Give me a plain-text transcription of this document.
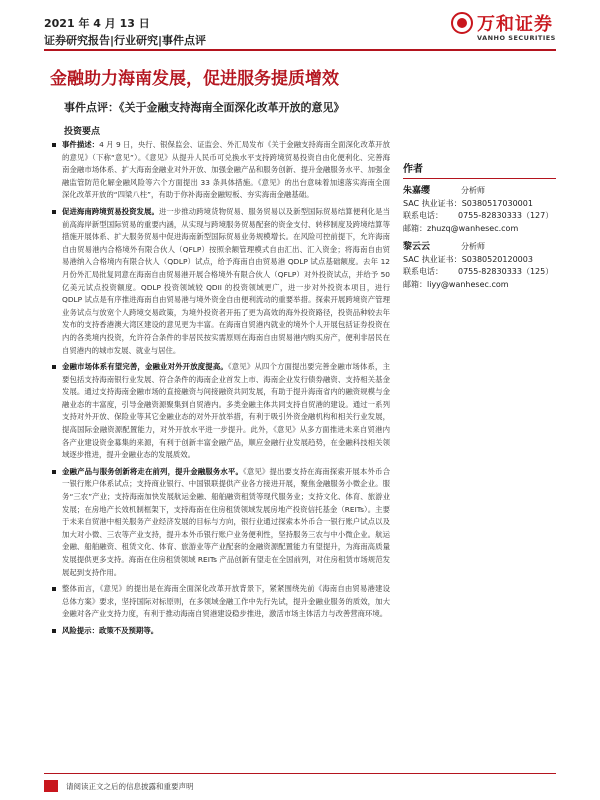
2021 年 4 月 13 日
证券研究报告|行业研究|事件点评
万和证券
VANHO SECURITIES
金融助力海南发展，促进服务提质增效
事件点评：《关于金融支持海南全面深化改革开放的意见》
投资要点
事件描述：4 月 9 日，央行、银保监会、证监会、外汇局发布《关于金融支持海南全面深化改革开放的意见》（下称“意见”）。《意见》从提升人民币可兑换水平支持跨境贸易投资自由化便利化、完善海南金融市场体系、扩大海南金融业对外开放、加强金融产品和服务创新、提升金融服务水平、加强金融监管防范化解金融风险等六个方面提出 33 条具体措施。《意见》的出台意味着加速落实海南全面深化改革开放的“四梁八柱”，有助于你补海南金融短板、夯实海南金融基础。
促进海南跨境贸易投资发展。进一步推动跨境货物贸易、服务贸易以及新型国际贸易结算便利化是当前高海岸新型国际贸易的重要内涵，从实现与跨境服务贸易配套的资金支付、转移制度及跨境结算等措施开展体系、扩大服务贸易中促进海南新型国际贸易业务规模增长。在风险可控前提下，允许海南自由贸易港内合格境外有限合伙人（QFLP）按照余额管理模式自由汇出、汇入资金；将海南自由贸易港纳入合格境内有限合伙人（QDLP）试点，给予海南自由贸易港 QDLP 试点基础额度。去年 12 月份外汇局批复同意在海南自由贸易港开展合格境外有限合伙人（QFLP）对外投资试点，并给予 50 亿美元试点投资额度。QDLP 投资领域较 QDII 的投资领域更广，进一步对外投资本项目，进行 QDLP 试点是有序推进海南自由贸易港与境外资金自由便利流动的重要举措。探索开展跨境资产管理业务试点与放宽个人跨境交易政策，为境外投资者开拓了更为高效的海外投资路径，投资品种较去年发布的支持香港澳大湾区建设的意见更为丰富。在海南自贸港内就业的境外个人开展包括证券投资在内的各类境内投资，允许符合条件的非居民按实需原则在海南自由贸易港内购买房产，便利非居民在自贸港内的城市发展、就业与居住。
金融市场体系有望完善，金融业对外开放度提高。《意见》从四个方面提出要完善金融市场体系，主要包括支持海南银行业发展、符合条件的海南企业首发上市、海南企业发行债券融资、支持相关基金发展。通过支持海南金融市场的直接融资与间接融资共同发展，有助于提升海南省内的融资规模与金融业态的丰富度，引导金融资源聚集到自贸港内。多类金融主体共同支持自贸港的建设。通过一系列支持对外开放、保险业等其它金融业态的对外开放举措，有利于吸引外资金融机构和相关行业发展，提高国际金融资源配置能力，对外开放水平进一步提升。此外，《意见》从多方面推进未来自贸港内各产业建设资金募集的来源，有利于创新丰富金融产品，顺应金融行业发展趋势，在金融科技相关领域逐步推进，提升金融业态的发展质效。
金融产品与服务创新将走在前列，提升金融服务水平。《意见》提出要支持在海南探索开展本外币合一银行账户体系试点；支持商业银行、中国银联提供产业各方接进开展，聚焦金融服务小微企业。服务“三农”产业；支持海南加快发展航运金融、船舶融资租赁等现代服务业；支持文化、体育、旅游业发展；在房地产长效机制框架下，支持海南在住房租赁领域发展房地产投资信托基金（REITs）。主要于未来自贸港中相关服务产业经济发展的目标与方向，银行业通过探索本外币合一银行账户试点以及加大对小微、三农等产业支持，提升本外币银行账户业务便利性，坚持服务三农与中小微企业。航运金融、船舶融资、租赁文化、体育、旅游业等产业配套的金融资源配置能力有望提升，为海南高质量发展提供更多支持。海南在住房租赁领域 REITs 产品创新有望走在全国前列，对住房租赁市场规范发展起到支持作用。
整体而言，《意见》的提出是在海南全面深化改革开放背景下，紧紧围绕先前《海南自由贸易港建设总体方案》要求，坚持国际对标原则，在多领域金融工作中先行先试，提升金融业服务的质效，加大金融对各产业支持力度，有利于推动海南自贸港建设稳步推进，激活市场主体活力与改善营商环境。
风险提示：政策不及预期等。
作者
朱嘉缨	分析师
SAC 执业证书：S0380517030001
联系电话： 0755-82830333（127）
邮箱：zhuzq@wanhesec.com
黎云云	分析师
SAC 执业证书：S0380520120003
联系电话： 0755-82830333（125）
邮箱：liyy@wanhesec.com
请阅读正文之后的信息披露和重要声明
